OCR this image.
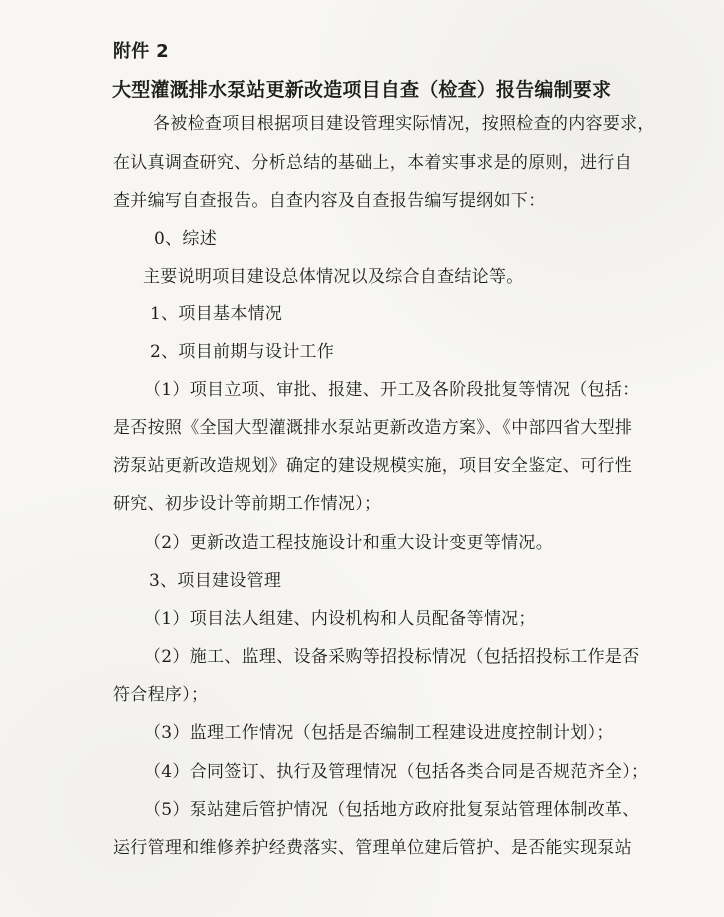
附件 2
大型灌溉排水泵站更新改造项目自查（检查）报告编制要求
各被检查项目根据项目建设管理实际情况，按照检查的内容要求，
在认真调查研究、分析总结的基础上，本着实事求是的原则，进行自
查并编写自查报告。自查内容及自查报告编写提纲如下：
0、综述
主要说明项目建设总体情况以及综合自查结论等。
1、项目基本情况
2、项目前期与设计工作
（1）项目立项、审批、报建、开工及各阶段批复等情况（包括：
是否按照《全国大型灌溉排水泵站更新改造方案》、《中部四省大型排
涝泵站更新改造规划》确定的建设规模实施，项目安全鉴定、可行性
研究、初步设计等前期工作情况）；
（2）更新改造工程技施设计和重大设计变更等情况。
3、项目建设管理
（1）项目法人组建、内设机构和人员配备等情况；
（2）施工、监理、设备采购等招投标情况（包括招投标工作是否
符合程序）；
（3）监理工作情况（包括是否编制工程建设进度控制计划）；
（4）合同签订、执行及管理情况（包括各类合同是否规范齐全）；
（5）泵站建后管护情况（包括地方政府批复泵站管理体制改革、
运行管理和维修养护经费落实、管理单位建后管护、是否能实现泵站
